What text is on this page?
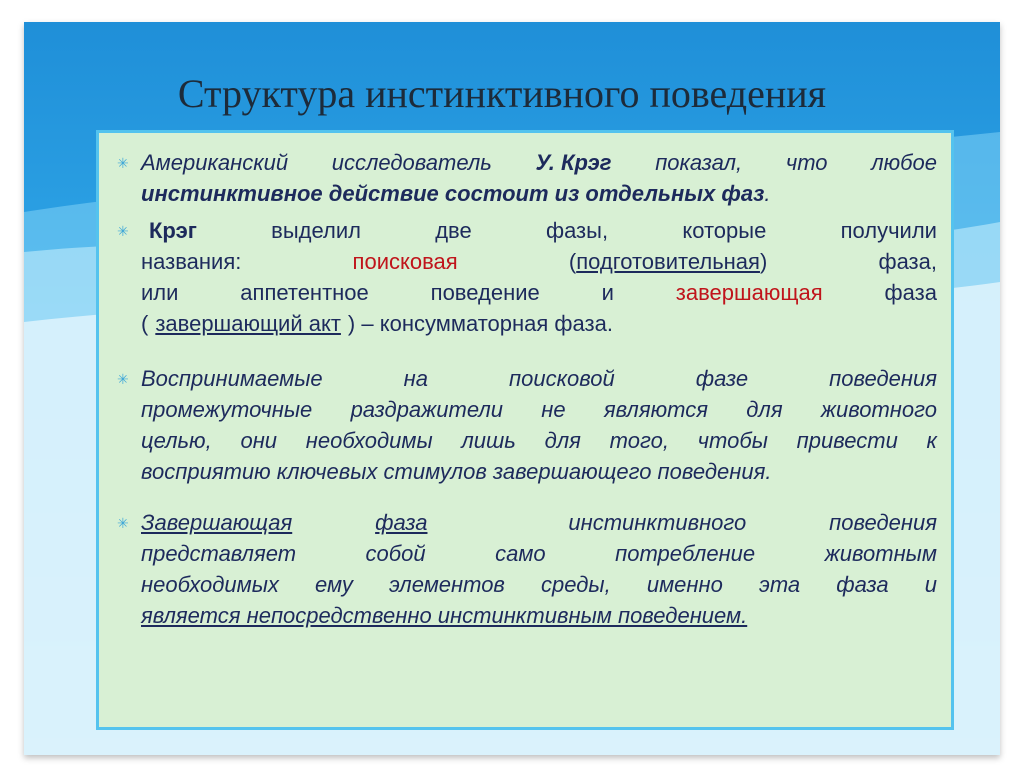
Структура инстинктивного поведения
✳ Американский исследователь У. Крэг показал, что любое
инстинктивное действие состоит из отдельных фаз .
✳ Крэг	выделил	две	фазы,	которые	получили
названия:	поисковая	(подготовительная)	фаза,
или	аппетентное	поведение	и	завершающая	фаза
( завершающий акт ) – консумматорная фаза.
✳ Воспринимаемые	на	поисковой	фазе	поведения
промежуточные раздражители не являются для животного
целью, они необходимы лишь для того, чтобы привести к
восприятию ключевых стимулов завершающего поведения.
✳ Завершающая	фаза	инстинктивного	поведения
представляет	собой	само	потребление	животным
необходимых ему элементов среды, именно эта фаза и
является непосредственно инстинктивным поведением.
